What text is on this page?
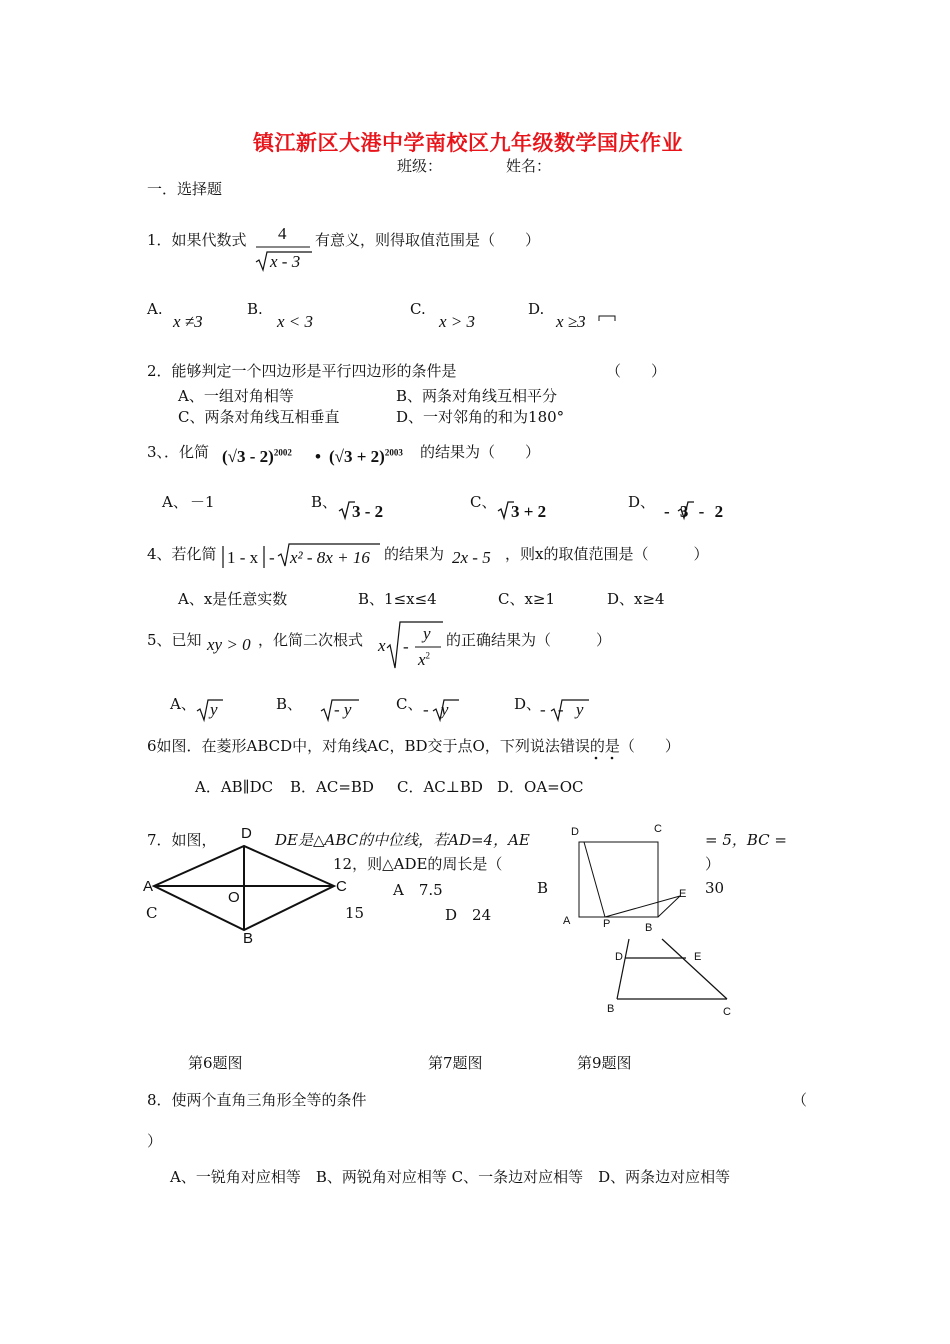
镇江新区大港中学南校区九年级数学国庆作业
班级：	姓名：
一．选择题
1．如果代数式 4
x - 3
有意义，则得取值范围是（　　）
A.
x ≠3
B.
x < 3
C.
x > 3
D.
x ≥3
2．能够判定一个四边形是平行四边形的条件是	（　　）
A、一组对角相等	B、两条对角线互相平分
C、两条对角线互相垂直	D、一对邻角的和为180°
3、．化简 (√3 - 2)$^{2002}$ • $(√3 + 2)^{2003}$ 的结果为（　　）
A、 －1	B、 3 - 2	C、 3 + 2	D、 - 3 - 2
4、若化简 1 - x - x² - 8x + 16 的结果为 2x - 5 ，则x的取值范围是（　　　）
A、x是任意实数	B、1≤x≤4	C、x≥1	D、x≥4
5、已知 xy > 0 ，化简二次根式 x -
y
$x^2$
的正确结果为（　　　）
A、 y	B、 - y	C、 - y	D、
- - y
6如图．在菱形ABCD中，对角线AC，BD交于点O，下列说法错误的是（　　）
A．AB∥DC B．AC=BD C．AC⊥BD D．OA=OC
7．如图，	DE是△ABC的中位线，若AD=4，AE	= 5，BC =
12，则△ADE的周长是（	）
A　7.5	B	30
C	15	D　24
D
A	C
O
B
D	C
A	P	B
E
D	E
B	C
第6题图	第7题图	第9题图
8．使两个直角三角形全等的条件	（
）
A、一锐角对应相等　B、两锐角对应相等 C、一条边对应相等　D、两条边对应相等
